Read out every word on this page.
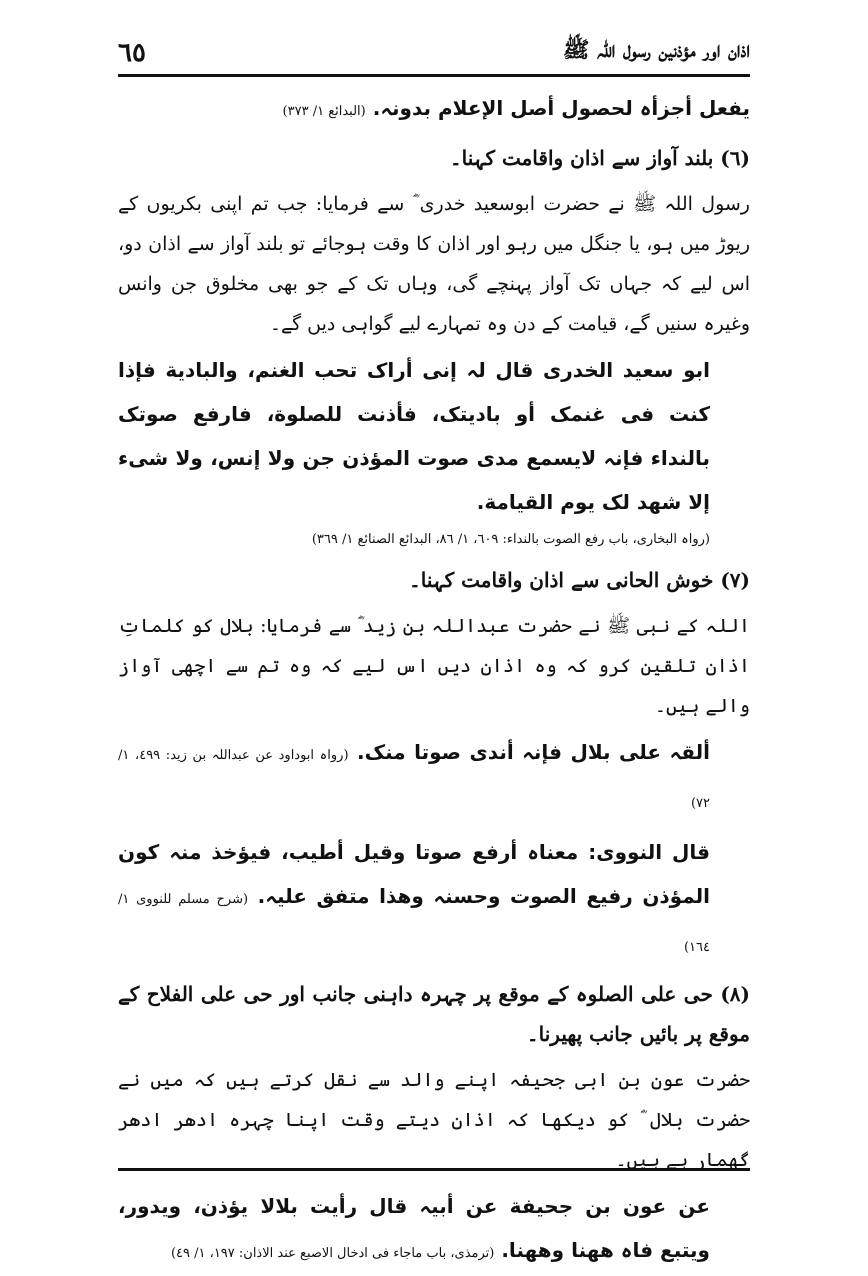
٦٥	اذان اور مؤذنین رسول اللہ ﷺ

یفعل أجزأہ لحصول أصل الإعلام بدونہ. (البدائع ۱/ ۳۷۳)

(٦) بلند آواز سے اذان واقامت کہنا۔

رسول اللہ ﷺ نے حضرت ابوسعید خدری ؓ سے فرمایا: جب تم اپنی بکریوں کے ریوڑ میں ہو، یا جنگل میں رہو اور اذان کا وقت ہوجائے تو بلند آواز سے اذان دو، اس لیے کہ جہاں تک آواز پہنچے گی، وہاں تک کے جو بھی مخلوق جن وانس وغیرہ سنیں گے، قیامت کے دن وہ تمہارے لیے گواہی دیں گے۔

ابو سعید الخدری قال لہ إنی أراک تحب الغنم، والبادیة فإذا کنت فی غنمک أو بادیتک، فأذنت للصلوة، فارفع صوتک بالنداء فإنہ لایسمع مدی صوت المؤذن جن ولا إنس، ولا شیء إلا شھد لک یوم القیامة.

(رواہ البخاری، باب رفع الصوت بالنداء: ٦٠٩، ١/ ٨٦، البدائع الصنائع ١/ ٣٦٩)

(٧) خوش الحانی سے اذان واقامت کہنا۔

اللہ کے نبی ﷺ نے حضرت عبداللہ بن زید ؓ سے فرمایا: بلال کو کلماتِ اذان تلقین کرو کہ وہ اذان دیں اس لیے کہ وہ تم سے اچھی آواز والے ہیں۔

ألقہ علی بلال فإنہ أندی صوتا منک. (رواہ ابوداود عن عبداللہ بن زید: ٤٩٩، ١/ ٧٢)

قال النووی: معناہ أرفع صوتا وقیل أطیب، فیؤخذ منہ کون المؤذن رفیع الصوت وحسنہ وھذا متفق علیہ. (شرح مسلم للنووی ١/ ١٦٤)

(٨) حی علی الصلوہ کے موقع پر چہرہ داہنی جانب اور حی علی الفلاح کے موقع پر بائیں جانب پھیرنا۔

حضرت عون بن ابی جحیفہ اپنے والد سے نقل کرتے ہیں کہ میں نے حضرت بلال ؓ کو دیکھا کہ اذان دیتے وقت اپنا چہرہ ادھر ادھر گھمار ہے ہیں۔

عن عون بن جحیفة عن أبیہ قال رأیت بلالا یؤذن، ویدور، ویتبع فاہ ھھنا وھھنا. (ترمذی، باب ماجاء فی ادخال الاصبع عند الاذان: ١٩٧، ١/ ٤٩)
